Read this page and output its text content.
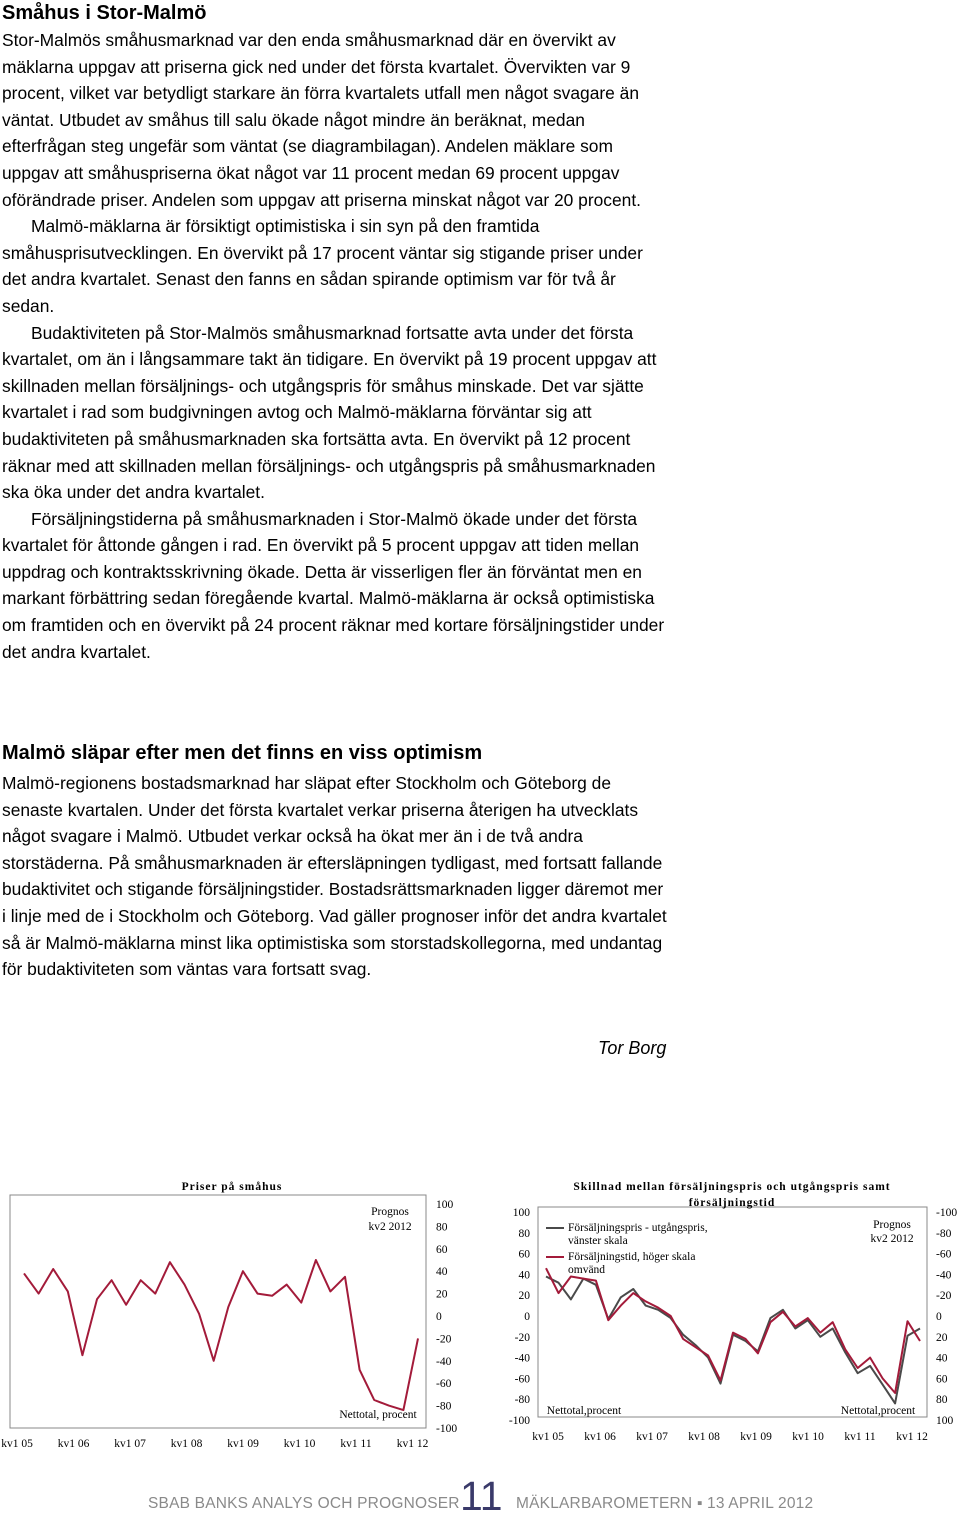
Småhus i Stor-Malmö

Stor-Malmös småhusmarknad var den enda småhusmarknad där en övervikt av mäklarna uppgav att priserna gick ned under det första kvartalet. Övervikten var 9 procent, vilket var betydligt starkare än förra kvartalets utfall men något svagare än väntat. Utbudet av småhus till salu ökade något mindre än beräknat, medan efterfrågan steg ungefär som väntat (se diagrambilagan). Andelen mäklare som uppgav att småhuspriserna ökat något var 11 procent medan 69 procent uppgav oförändrade priser. Andelen som uppgav att priserna minskat något var 20 procent.

Malmö-mäklarna är försiktigt optimistiska i sin syn på den framtida småhusprisutvecklingen. En övervikt på 17 procent väntar sig stigande priser under det andra kvartalet. Senast den fanns en sådan spirande optimism var för två år sedan.

Budaktiviteten på Stor-Malmös småhusmarknad fortsatte avta under det första kvartalet, om än i långsammare takt än tidigare. En övervikt på 19 procent uppgav att skillnaden mellan försäljnings- och utgångspris för småhus minskade. Det var sjätte kvartalet i rad som budgivningen avtog och Malmö-mäklarna förväntar sig att budaktiviteten på småhusmarknaden ska fortsätta avta. En övervikt på 12 procent räknar med att skillnaden mellan försäljnings- och utgångspris på småhusmarknaden ska öka under det andra kvartalet.

Försäljningstiderna på småhusmarknaden i Stor-Malmö ökade under det första kvartalet för åttonde gången i rad. En övervikt på 5 procent uppgav att tiden mellan uppdrag och kontraktsskrivning ökade. Detta är visserligen fler än förväntat men en markant förbättring sedan föregående kvartal. Malmö-mäklarna är också optimistiska om framtiden och en övervikt på 24 procent räknar med kortare försäljningstider under det andra kvartalet.

Malmö släpar efter men det finns en viss optimism

Malmö-regionens bostadsmarknad har släpat efter Stockholm och Göteborg de senaste kvartalen. Under det första kvartalet verkar priserna återigen ha utvecklats något svagare i Malmö. Utbudet verkar också ha ökat mer än i de två andra storstäderna. På småhusmarknaden är eftersläpningen tydligast, med fortsatt fallande budaktivitet och stigande försäljningstider. Bostadsrättsmarknaden ligger däremot mer i linje med de i Stockholm och Göteborg. Vad gäller prognoser inför det andra kvartalet så är Malmö-mäklarna minst lika optimistiska som storstadskollegorna, med undantag för budaktiviteten som väntas vara fortsatt svag.

Tor Borg
Priser på småhus
100
80
60
40
20
0
-20
-40
-60
-80
-100
kv1 05 kv1 06 kv1 07 kv1 08 kv1 09 kv1 10 kv1 11 kv1 12
Prognos
kv2 2012
Nettotal, procent
Skillnad mellan försäljningspris och utgångspris samt
försäljningstid
100
80
60
40
20
0
-20
-40
-60
-80
-100
-100
-80
-60
-40
-20
0
20
40
60
80
100
kv1 05 kv1 06 kv1 07 kv1 08 kv1 09 kv1 10 kv1 11 kv1 12
Försäljningspris - utgångspris,
vänster skala
Försäljningstid, höger skala
omvänd
Prognos
kv2 2012
Nettotal,procent	Nettotal,procent
SBAB BANKS ANALYS OCH PROGNOSER 11 MÄKLARBAROMETERN ▪ 13 APRIL 2012
